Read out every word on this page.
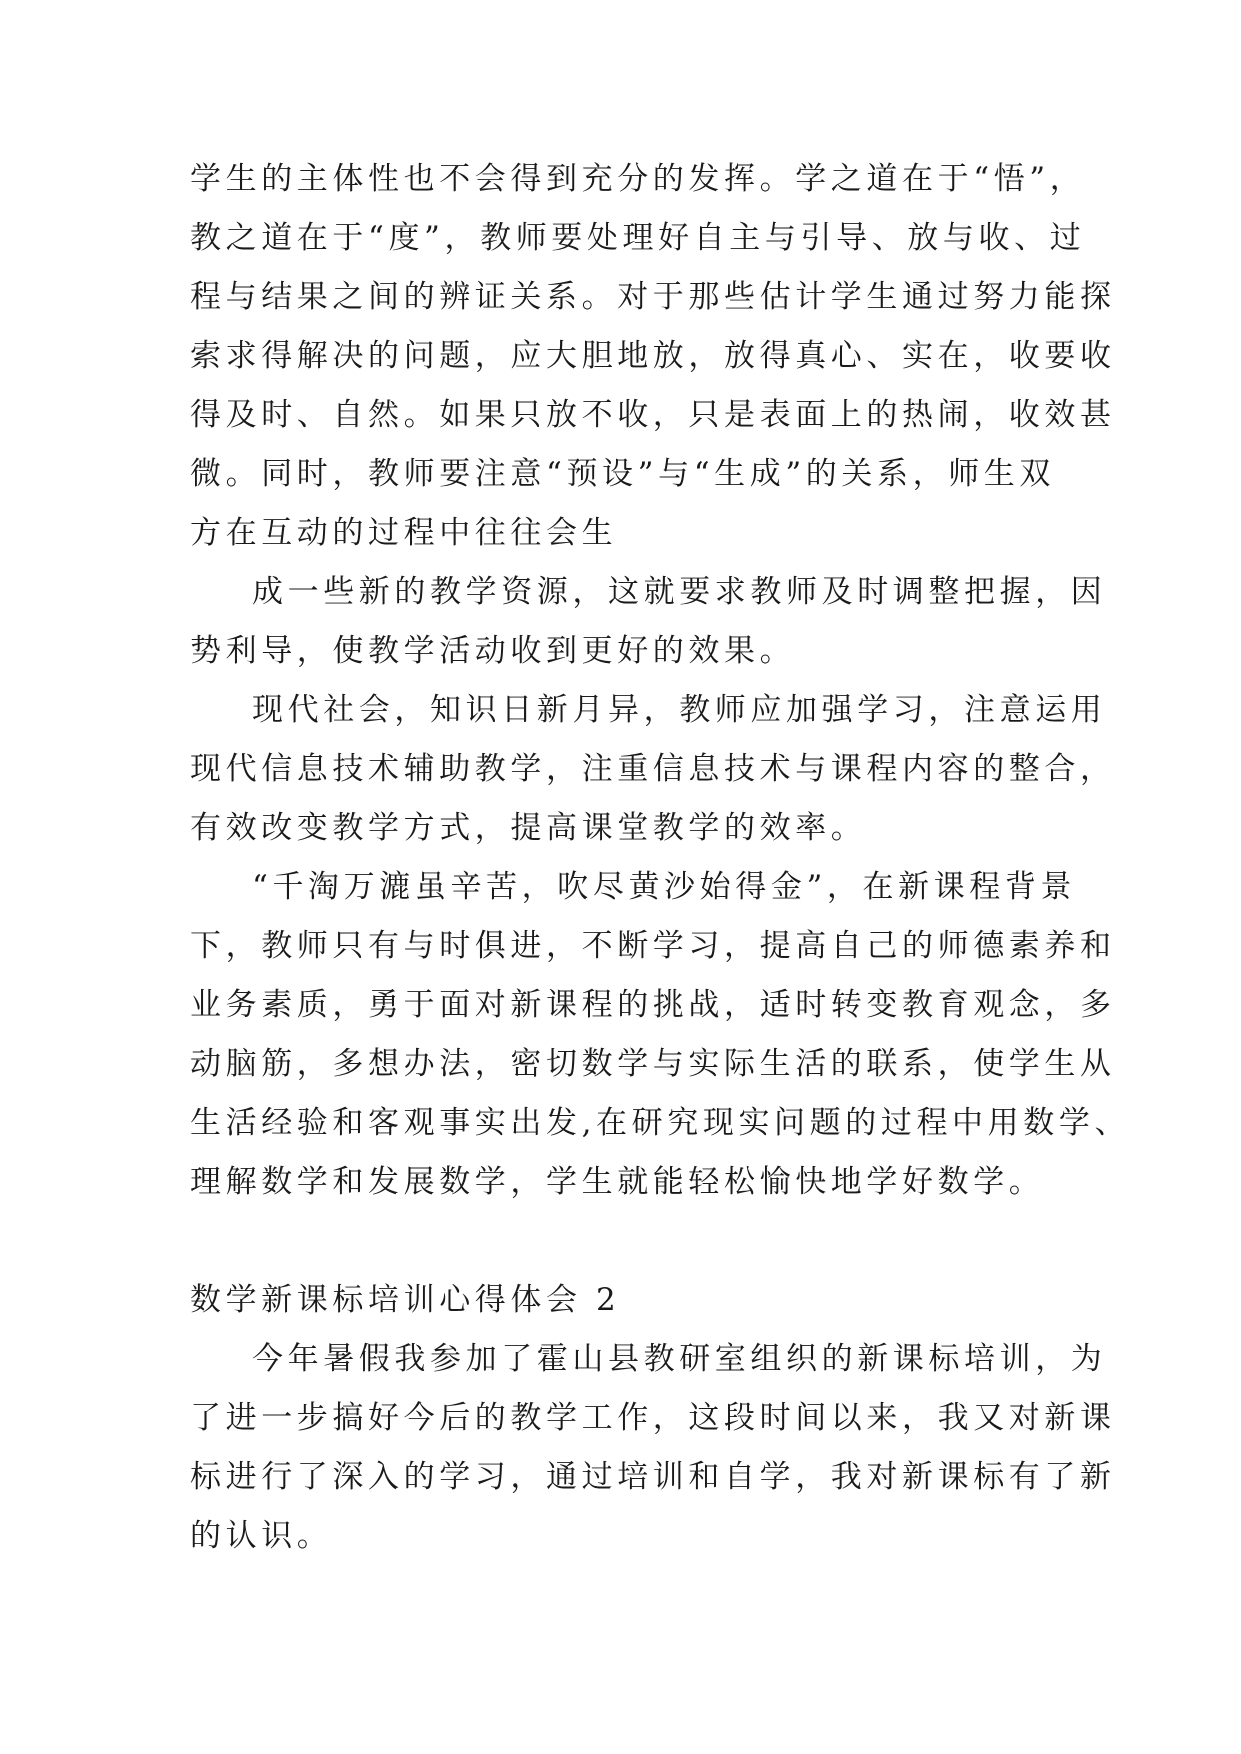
学生的主体性也不会得到充分的发挥。学之道在于“悟”，
教之道在于“度”，教师要处理好自主与引导、放与收、过
程与结果之间的辨证关系。对于那些估计学生通过努力能探
索求得解决的问题，应大胆地放，放得真心、实在，收要收
得及时、自然。如果只放不收，只是表面上的热闹，收效甚
微。同时，教师要注意“预设”与“生成”的关系，师生双
方在互动的过程中往往会生

成一些新的教学资源，这就要求教师及时调整把握，因
势利导，使教学活动收到更好的效果。

现代社会，知识日新月异，教师应加强学习，注意运用
现代信息技术辅助教学，注重信息技术与课程内容的整合，
有效改变教学方式，提高课堂教学的效率。

“千淘万漉虽辛苦，吹尽黄沙始得金”，在新课程背景
下，教师只有与时俱进，不断学习，提高自己的师德素养和
业务素质，勇于面对新课程的挑战，适时转变教育观念，多
动脑筋，多想办法，密切数学与实际生活的联系，使学生从
生活经验和客观事实出发,在研究现实问题的过程中用数学、
理解数学和发展数学，学生就能轻松愉快地学好数学。

数学新课标培训心得体会 2

今年暑假我参加了霍山县教研室组织的新课标培训，为
了进一步搞好今后的教学工作，这段时间以来，我又对新课
标进行了深入的学习，通过培训和自学，我对新课标有了新
的认识。
